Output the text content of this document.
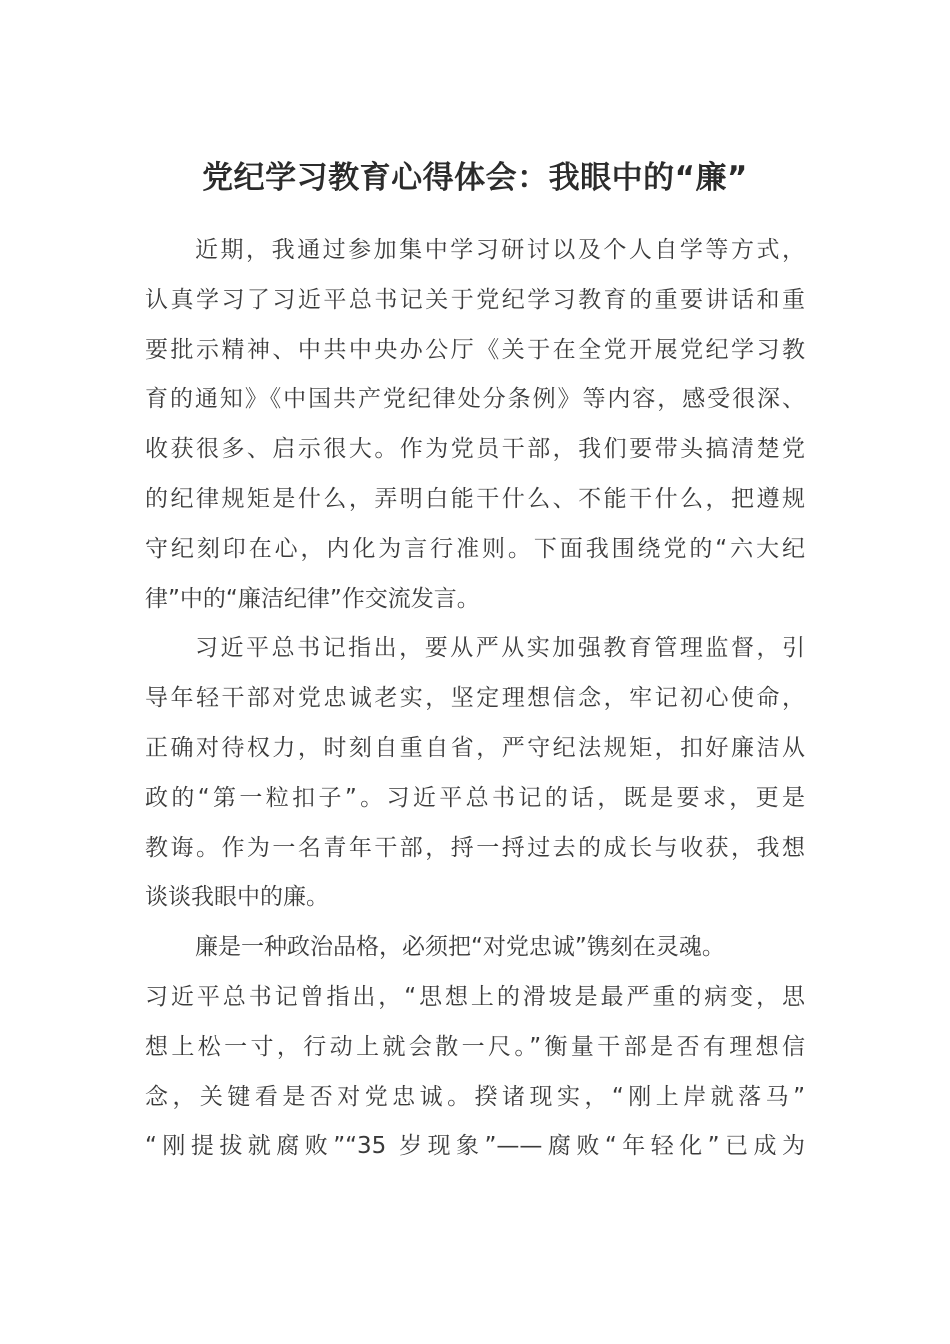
党纪学习教育心得体会：我眼中的“廉”
近期，我通过参加集中学习研讨以及个人自学等方式，
认真学习了习近平总书记关于党纪学习教育的重要讲话和重
要批示精神、中共中央办公厅《关于在全党开展党纪学习教
育的通知》《中国共产党纪律处分条例》等内容，感受很深、
收获很多、启示很大。作为党员干部，我们要带头搞清楚党
的纪律规矩是什么，弄明白能干什么、不能干什么，把遵规
守纪刻印在心，内化为言行准则。下面我围绕党的“六大纪
律”中的“廉洁纪律”作交流发言。
习近平总书记指出，要从严从实加强教育管理监督，引
导年轻干部对党忠诚老实，坚定理想信念，牢记初心使命，
正确对待权力，时刻自重自省，严守纪法规矩，扣好廉洁从
政的“第一粒扣子”。习近平总书记的话，既是要求，更是
教诲。作为一名青年干部，捋一捋过去的成长与收获，我想
谈谈我眼中的廉。
廉是一种政治品格，必须把“对党忠诚”镌刻在灵魂。
习近平总书记曾指出，“思想上的滑坡是最严重的病变，思
想上松一寸，行动上就会散一尺。”衡量干部是否有理想信
念，关键看是否对党忠诚。揆诸现实，“刚上岸就落马”
“刚提拔就腐败”“35 岁现象”——腐败“年轻化”已成为
